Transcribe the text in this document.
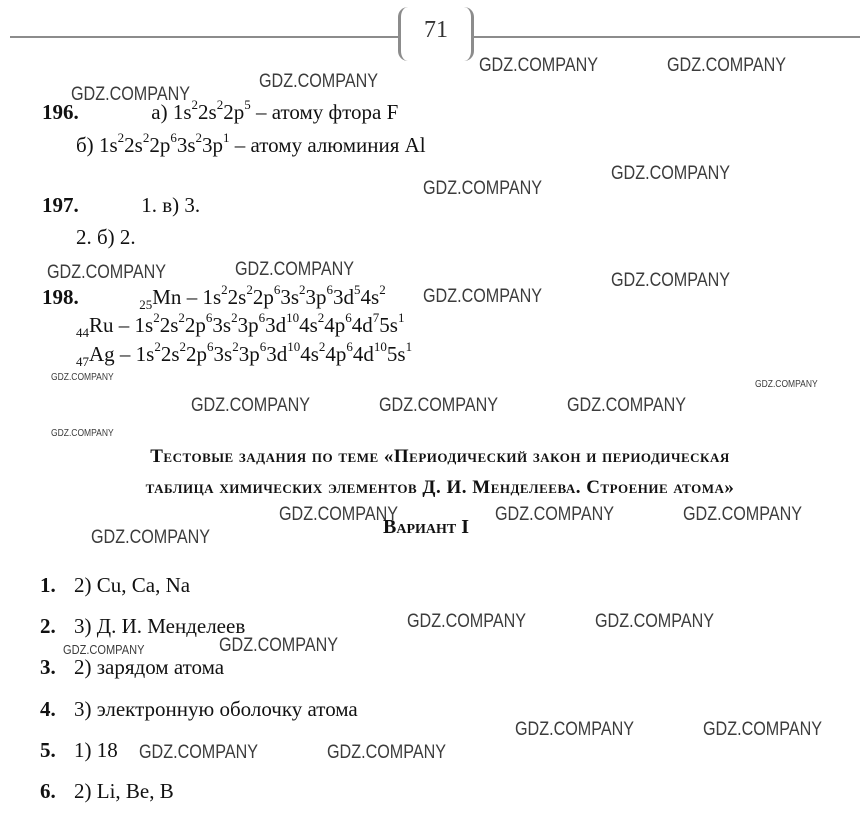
71
196.	а) $1s^22s^22p^5$ – атому фтора F
б) $1s^22s^22p^63s^23p^1$ – атому алюминия Al
197.	1. в) 3.
2. б) 2.
198.	$_{25}Mn - 1s^22s^22p^63s^23p^63d^54s^2$
$_{44}Ru - 1s^22s^22p^63s^23p^63d^{10}4s^24p^64d^75s^1$
$_{47}Ag - 1s^22s^22p^63s^23p^63d^{10}4s^24p^64d^{10}5s^1$
Тестовые задания по теме «Периодический закон и периодическая
таблица химических элементов Д. И. Менделеева. Строение атома»
Вариант I
1. 2) Cu, Ca, Na
2. 3) Д. И. Менделеев
3. 2) зарядом атома
4. 3) электронную оболочку атома
5. 1) 18
6. 2) Li, Be, B
GDZ.COMPANY	GDZ.COMPANY
GDZ.COMPANY
GDZ.COMPANY
GDZ.COMPANY
GDZ.COMPANY
GDZ.COMPANY
GDZ.COMPANY	GDZ.COMPANY
GDZ.COMPANY
GDZ.COMPANY
GDZ.COMPANY
GDZ.COMPANY	GDZ.COMPANY	GDZ.COMPANY
GDZ.COMPANY
GDZ.COMPANY	GDZ.COMPANY	GDZ.COMPANY
GDZ.COMPANY
GDZ.COMPANY	GDZ.COMPANY
GDZ.COMPANY
GDZ.COMPANY
GDZ.COMPANY	GDZ.COMPANY
GDZ.COMPANY	GDZ.COMPANY
